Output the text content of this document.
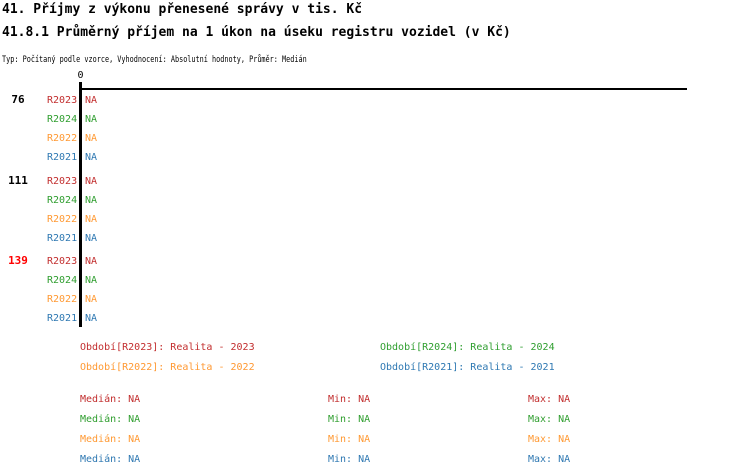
41. Příjmy z výkonu přenesené správy v tis. Kč
41.8.1 Průměrný příjem na 1 úkon na úseku registru vozidel (v Kč)
Typ: Počítaný podle vzorce, Vyhodnocení: Absolutní hodnoty, Průměr: Medián
0
76	R2023 NA
R2024 NA
R2022 NA
R2021 NA
111	R2023 NA
R2024 NA
R2022 NA
R2021 NA
139	R2023 NA
R2024 NA
R2022 NA
R2021 NA
Období[R2023]: Realita - 2023	Období[R2024]: Realita - 2024
Období[R2022]: Realita - 2022	Období[R2021]: Realita - 2021
Medián: NA	Min: NA	Max: NA
Medián: NA	Min: NA	Max: NA
Medián: NA	Min: NA	Max: NA
Medián: NA	Min: NA	Max: NA
